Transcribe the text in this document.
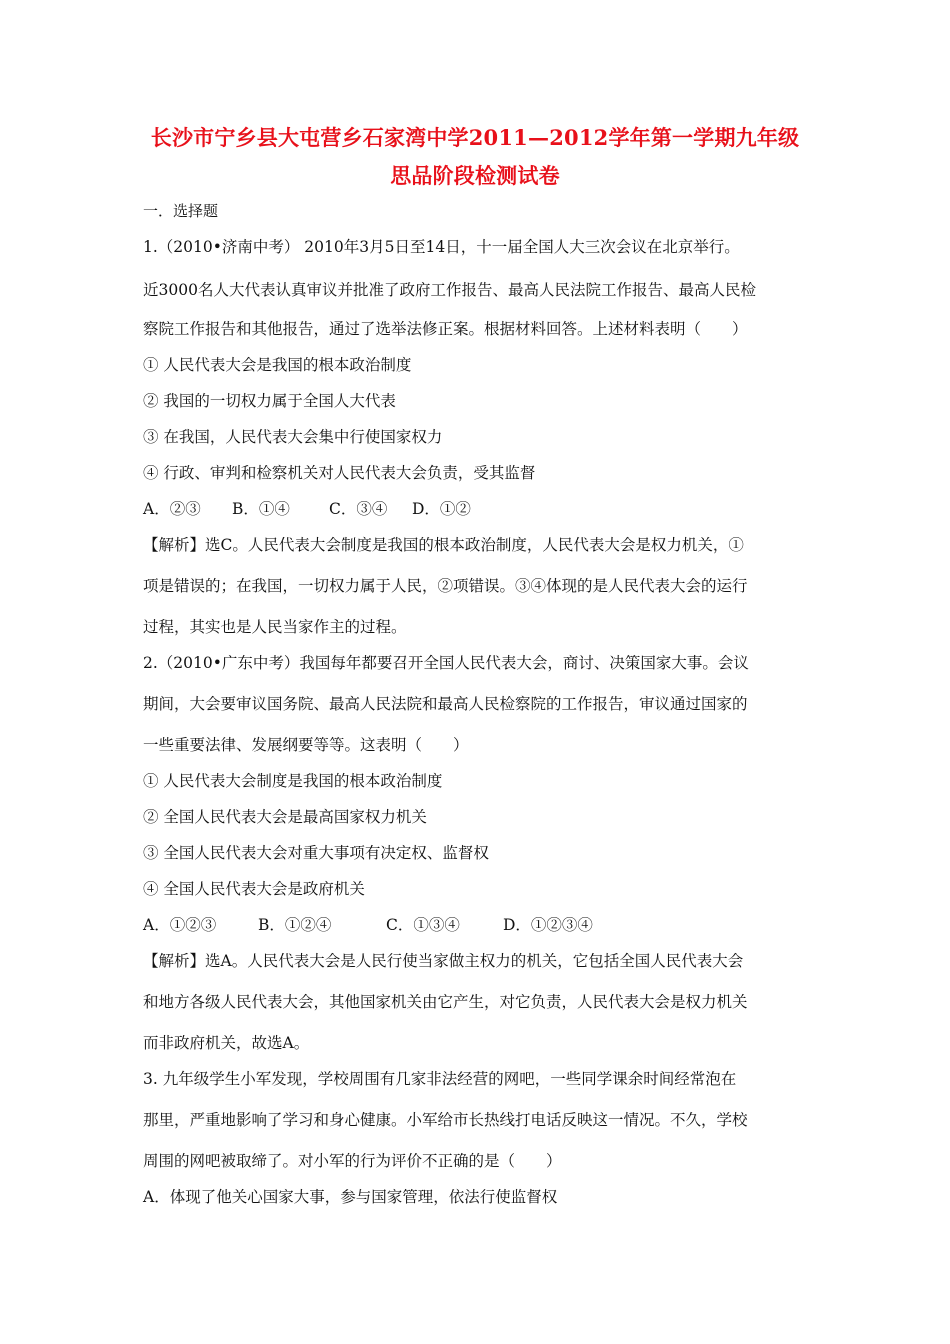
长沙市宁乡县大屯营乡石家湾中学2011—2012学年第一学期九年级
思品阶段检测试卷
一．选择题
1.（2010•济南中考） 2010年3月5日至14日，十一届全国人大三次会议在北京举行。
近3000名人大代表认真审议并批准了政府工作报告、最高人民法院工作报告、最高人民检
察院工作报告和其他报告，通过了选举法修正案。根据材料回答。上述材料表明（　　）
① 人民代表大会是我国的根本政治制度
② 我国的一切权力属于全国人大代表
③ 在我国，人民代表大会集中行使国家权力
④ 行政、审判和检察机关对人民代表大会负责，受其监督
A．②③ B．①④	C．③④ D．①②
【解析】选C。人民代表大会制度是我国的根本政治制度，人民代表大会是权力机关，①
项是错误的；在我国，一切权力属于人民，②项错误。③④体现的是人民代表大会的运行
过程，其实也是人民当家作主的过程。
2.（2010•广东中考）我国每年都要召开全国人民代表大会，商讨、决策国家大事。会议
期间，大会要审议国务院、最高人民法院和最高人民检察院的工作报告，审议通过国家的
一些重要法律、发展纲要等等。这表明（　　）
① 人民代表大会制度是我国的根本政治制度
② 全国人民代表大会是最高国家权力机关
③ 全国人民代表大会对重大事项有决定权、监督权
④ 全国人民代表大会是政府机关
A．①②③	B．①②④	C．①③④	D．①②③④
【解析】选A。人民代表大会是人民行使当家做主权力的机关，它包括全国人民代表大会
和地方各级人民代表大会，其他国家机关由它产生，对它负责，人民代表大会是权力机关
而非政府机关，故选A。
3. 九年级学生小军发现，学校周围有几家非法经营的网吧，一些同学课余时间经常泡在
那里，严重地影响了学习和身心健康。小军给市长热线打电话反映这一情况。不久，学校
周围的网吧被取缔了。对小军的行为评价不正确的是（　　）
A．体现了他关心国家大事，参与国家管理，依法行使监督权
